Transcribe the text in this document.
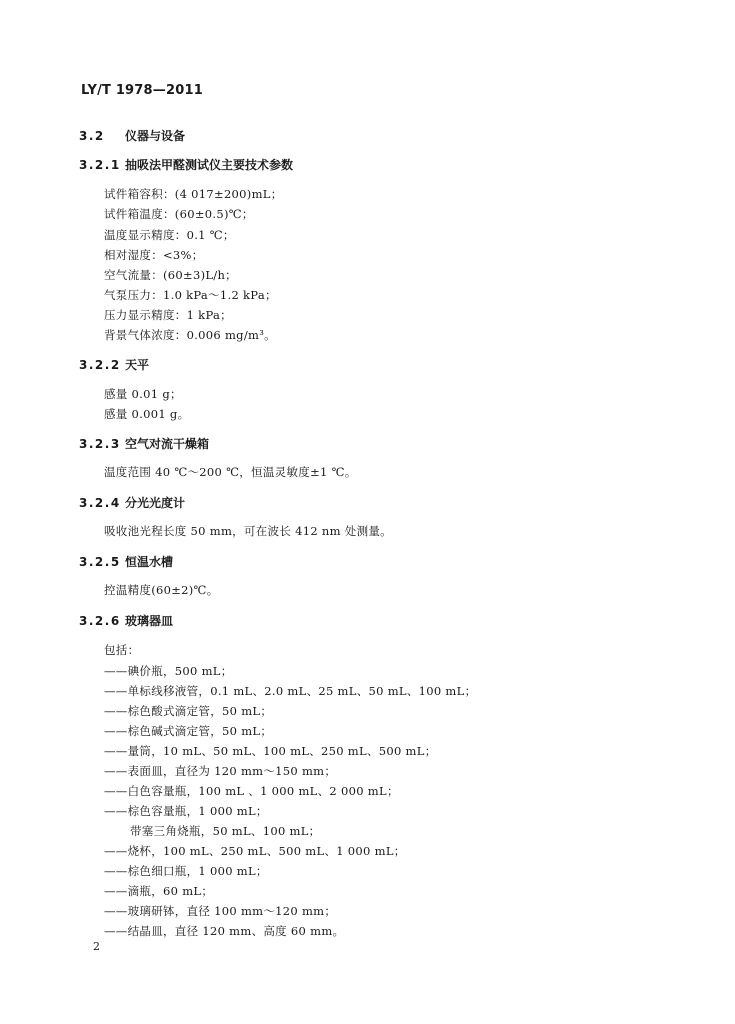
LY/T 1978—2011
3.2 仪器与设备
3.2.1 抽吸法甲醛测试仪主要技术参数
试件箱容积：(4 017±200)mL；
试件箱温度：(60±0.5)℃；
温度显示精度：0.1 ℃；
相对湿度：<3%；
空气流量：(60±3)L/h；
气泵压力：1.0 kPa～1.2 kPa；
压力显示精度：1 kPa；
背景气体浓度：0.006 mg/m³。
3.2.2 天平
感量 0.01 g；
感量 0.001 g。
3.2.3 空气对流干燥箱
温度范围 40 ℃～200 ℃，恒温灵敏度±1 ℃。
3.2.4 分光光度计
吸收池光程长度 50 mm，可在波长 412 nm 处测量。
3.2.5 恒温水槽
控温精度(60±2)℃。
3.2.6 玻璃器皿
包括：
——碘价瓶，500 mL；
——单标线移液管，0.1 mL、2.0 mL、25 mL、50 mL、100 mL；
——棕色酸式滴定管，50 mL；
——棕色碱式滴定管，50 mL；
——量筒，10 mL、50 mL、100 mL、250 mL、500 mL；
——表面皿，直径为 120 mm～150 mm；
——白色容量瓶，100 mL 、1 000 mL、2 000 mL；
——棕色容量瓶，1 000 mL；
带塞三角烧瓶，50 mL、100 mL；
——烧杯，100 mL、250 mL、500 mL、1 000 mL；
——棕色细口瓶，1 000 mL；
——滴瓶，60 mL；
——玻璃研钵，直径 100 mm～120 mm；
——结晶皿，直径 120 mm、高度 60 mm。
2
